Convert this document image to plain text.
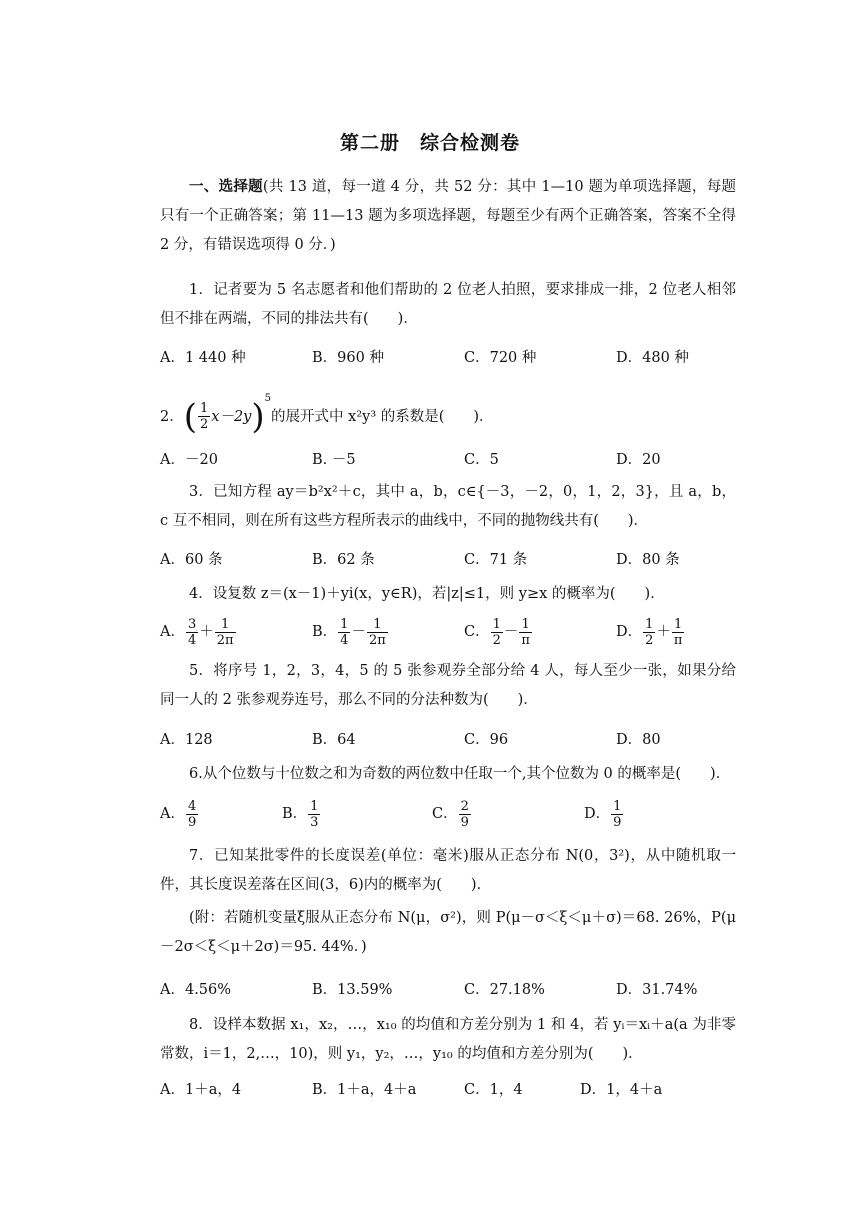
第二册　综合检测卷
一、选择题(共 13 道，每一道 4 分，共 52 分：其中 1—10 题为单项选择题，每题只有一个正确答案；第 11—13 题为多项选择题，每题至少有两个正确答案，答案不全得 2 分，有错误选项得 0 分．)
1．记者要为 5 名志愿者和他们帮助的 2 位老人拍照，要求排成一排，2 位老人相邻但不排在两端，不同的排法共有(　　)．
A．1 440 种	B．960 种	C．720 种	D．480 种
2．( $\frac{1}{2} x-2y)^5$的展开式中 x²y³ 的系数是(　　)．
A．－20	B. －5	C．5	D．20
3．已知方程 ay＝b²x²＋c，其中 a，b，c∈{－3，－2，0，1，2，3}，且 a，b，c 互不相同，则在所有这些方程所表示的曲线中，不同的抛物线共有(　　)．
A．60 条	B．62 条	C．71 条	D．80 条
4．设复数 z＝(x－1)＋yi(x，y∈R)，若|z|≤1，则 y≥x 的概率为(　　)．
A． $\frac{3}{4} + \frac{1}{2\pi}$	B． $\frac{1}{4} - \frac{1}{2\pi}$	C． $\frac{1}{2} - \frac{1}{\pi}$	D． $\frac{1}{2} + \frac{1}{\pi}$
5．将序号 1，2，3，4，5 的 5 张参观券全部分给 4 人，每人至少一张，如果分给同一人的 2 张参观券连号，那么不同的分法种数为(　　)．
A．128	B．64	C．96	D．80
6.从个位数与十位数之和为奇数的两位数中任取一个,其个位数为 0 的概率是(　　)．
A． $\frac{4}{9}$	B． $\frac{1}{3}$	C． $\frac{2}{9}$	D． $\frac{1}{9}$
7．已知某批零件的长度误差(单位：毫米)服从正态分布 N(0，3²)，从中随机取一件，其长度误差落在区间(3，6)内的概率为(　　)．
(附：若随机变量ξ服从正态分布 N(μ，σ²)，则 P(μ－σ＜ξ＜μ＋σ)＝68. 26%，P(μ－2σ＜ξ＜μ＋2σ)＝95. 44%．)
A．4.56%	B．13.59%	C．27.18%	D．31.74%
8．设样本数据 x₁，x₂，…，x₁₀ 的均值和方差分别为 1 和 4，若 yᵢ＝xᵢ＋a(a 为非零常数，i＝1，2,…，10)，则 y₁，y₂，…，y₁₀ 的均值和方差分别为(　　)．
A．1＋a，4	B．1＋a，4＋a	C．1，4	D．1，4＋a
